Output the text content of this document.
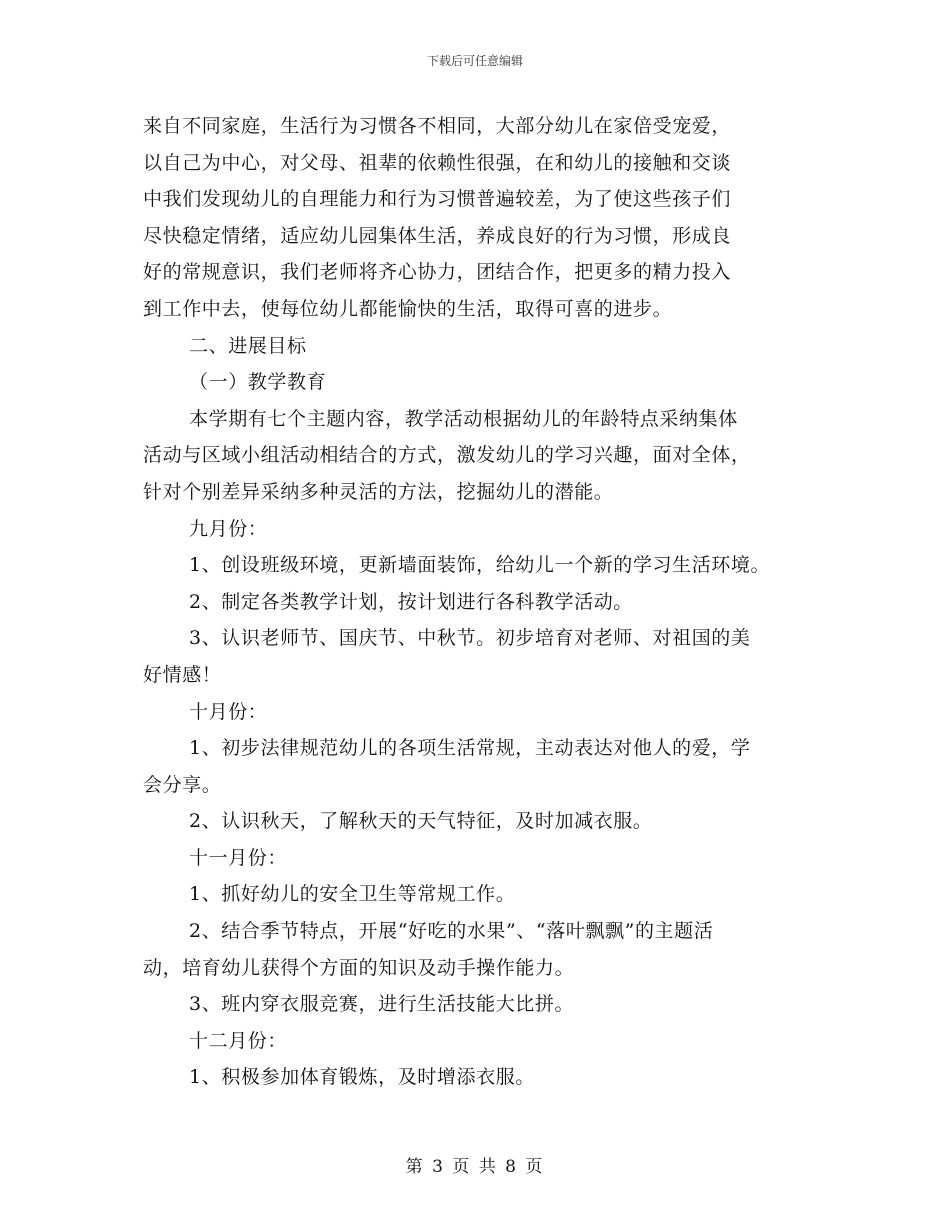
下载后可任意编辑
来自不同家庭，生活行为习惯各不相同，大部分幼儿在家倍受宠爱，
以自己为中心，对父母、祖辈的依赖性很强，在和幼儿的接触和交谈
中我们发现幼儿的自理能力和行为习惯普遍较差，为了使这些孩子们
尽快稳定情绪，适应幼儿园集体生活，养成良好的行为习惯，形成良
好的常规意识，我们老师将齐心协力，团结合作，把更多的精力投入
到工作中去，使每位幼儿都能愉快的生活，取得可喜的进步。
二、进展目标
（一）教学教育
本学期有七个主题内容，教学活动根据幼儿的年龄特点采纳集体
活动与区域小组活动相结合的方式，激发幼儿的学习兴趣，面对全体，
针对个别差异采纳多种灵活的方法，挖掘幼儿的潜能。
九月份：
1、创设班级环境，更新墙面装饰，给幼儿一个新的学习生活环境。
2、制定各类教学计划，按计划进行各科教学活动。
3、认识老师节、国庆节、中秋节。初步培育对老师、对祖国的美
好情感！
十月份：
1、初步法律规范幼儿的各项生活常规，主动表达对他人的爱，学
会分享。
2、认识秋天，了解秋天的天气特征，及时加减衣服。
十一月份：
1、抓好幼儿的安全卫生等常规工作。
2、结合季节特点，开展“好吃的水果”、“落叶飘飘”的主题活
动，培育幼儿获得个方面的知识及动手操作能力。
3、班内穿衣服竞赛，进行生活技能大比拼。
十二月份：
1、积极参加体育锻炼，及时增添衣服。
第 3 页 共 8 页
